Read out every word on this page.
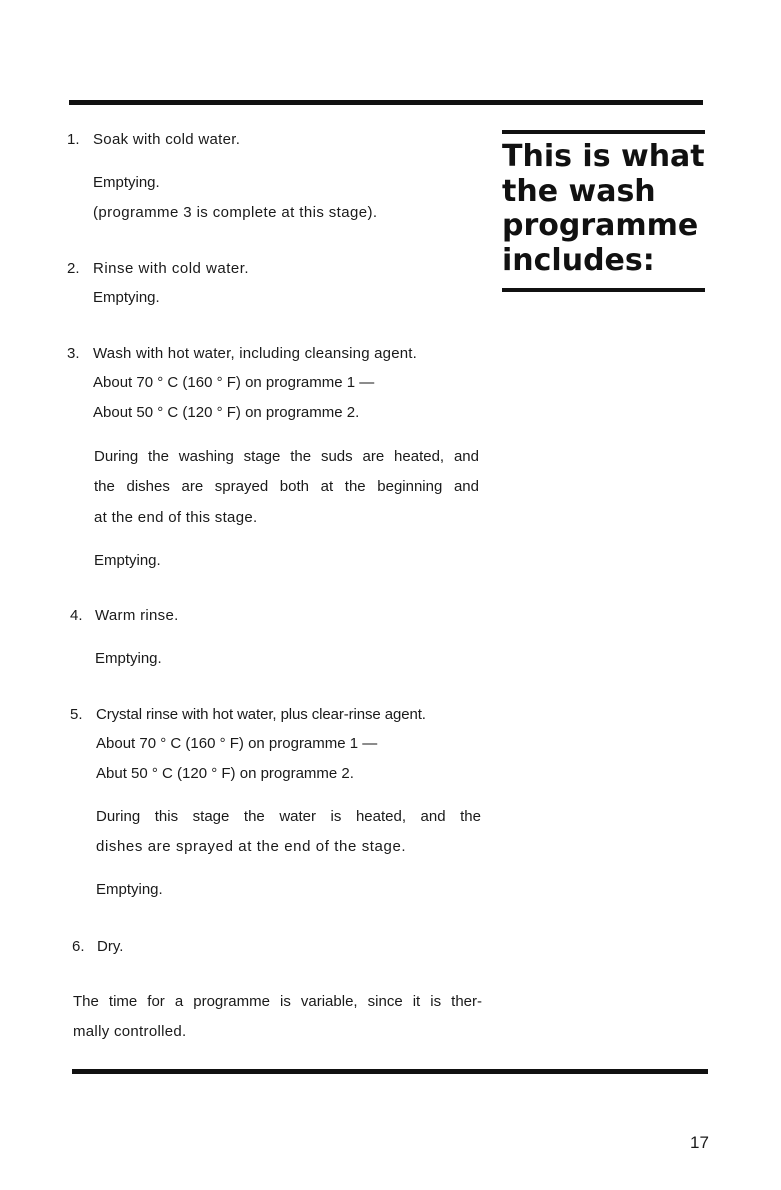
1. Soak with cold water.
Emptying.
(programme 3 is complete at this stage).
2. Rinse with cold water.
Emptying.
3. Wash with hot water, including cleansing agent.
About 70 ° C (160 ° F) on programme 1 —
About 50 ° C (120 ° F) on programme 2.
During the washing stage the suds are heated, and
the dishes are sprayed both at the beginning and
at the end of this stage.
Emptying.
4. Warm rinse.
Emptying.
5. Crystal rinse with hot water, plus clear-rinse agent.
About 70 ° C (160 ° F) on programme 1 —
Abut 50 ° C (120 ° F) on programme 2.
During this stage the water is heated, and the
dishes are sprayed at the end of the stage.
Emptying.
6. Dry.
The time for a programme is variable, since it is ther-
mally controlled.
This is what the wash programme includes:
17
